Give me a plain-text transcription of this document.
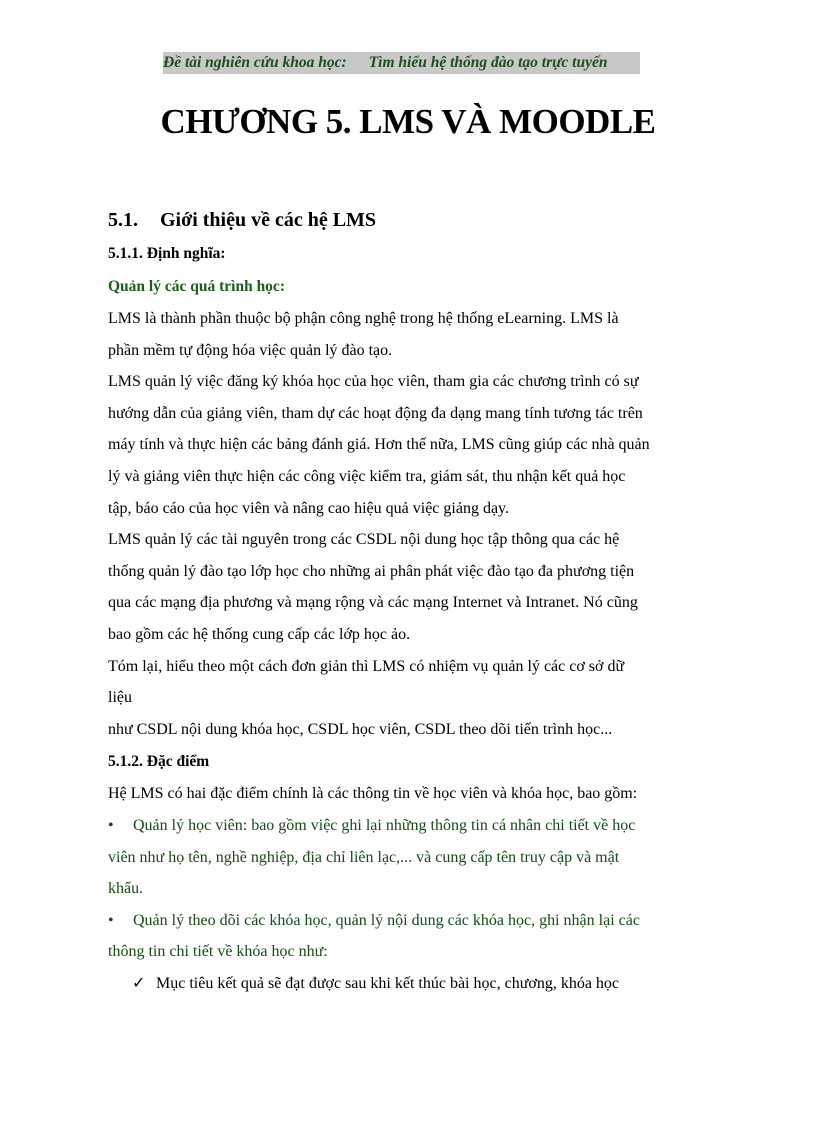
Đề tài nghiên cứu khoa học: Tìm hiểu hệ thống đào tạo trực tuyến
CHƯƠNG 5. LMS VÀ MOODLE
5.1. Giới thiệu về các hệ LMS
5.1.1. Định nghĩa:
Quản lý các quá trình học:
LMS là thành phần thuộc bộ phận công nghệ trong hệ thống eLearning. LMS là
phần mềm tự động hóa việc quản lý đào tạo.
LMS quản lý việc đăng ký khóa học của học viên, tham gia các chương trình có sự
hướng dẫn của giảng viên, tham dự các hoạt động đa dạng mang tính tương tác trên
máy tính và thực hiện các bảng đánh giá. Hơn thế nữa, LMS cũng giúp các nhà quản
lý và giảng viên thực hiện các công việc kiểm tra, giám sát, thu nhận kết quả học
tập, báo cáo của học viên và nâng cao hiệu quả việc giảng dạy.
LMS quản lý các tài nguyên trong các CSDL nội dung học tập thông qua các hệ
thống quản lý đào tạo lớp học cho những ai phân phát việc đào tạo đa phương tiện
qua các mạng địa phương và mạng rộng và các mạng Internet và Intranet. Nó cũng
bao gồm các hệ thống cung cấp các lớp học ảo.
Tóm lại, hiểu theo một cách đơn giản thì LMS có nhiệm vụ quản lý các cơ sở dữ
liệu
như CSDL nội dung khóa học, CSDL học viên, CSDL theo dõi tiến trình học...
5.1.2. Đặc điểm
Hệ LMS có hai đặc điểm chính là các thông tin về học viên và khóa học, bao gồm:
• Quản lý học viên: bao gồm việc ghi lại những thông tin cá nhân chi tiết về học
viên như họ tên, nghề nghiệp, địa chỉ liên lạc,... và cung cấp tên truy cập và mật
khẩu.
• Quản lý theo dõi các khóa học, quản lý nội dung các khóa học, ghi nhận lại các
thông tin chi tiết về khóa học như:
✓ Mục tiêu kết quả sẽ đạt được sau khi kết thúc bài học, chương, khóa học
